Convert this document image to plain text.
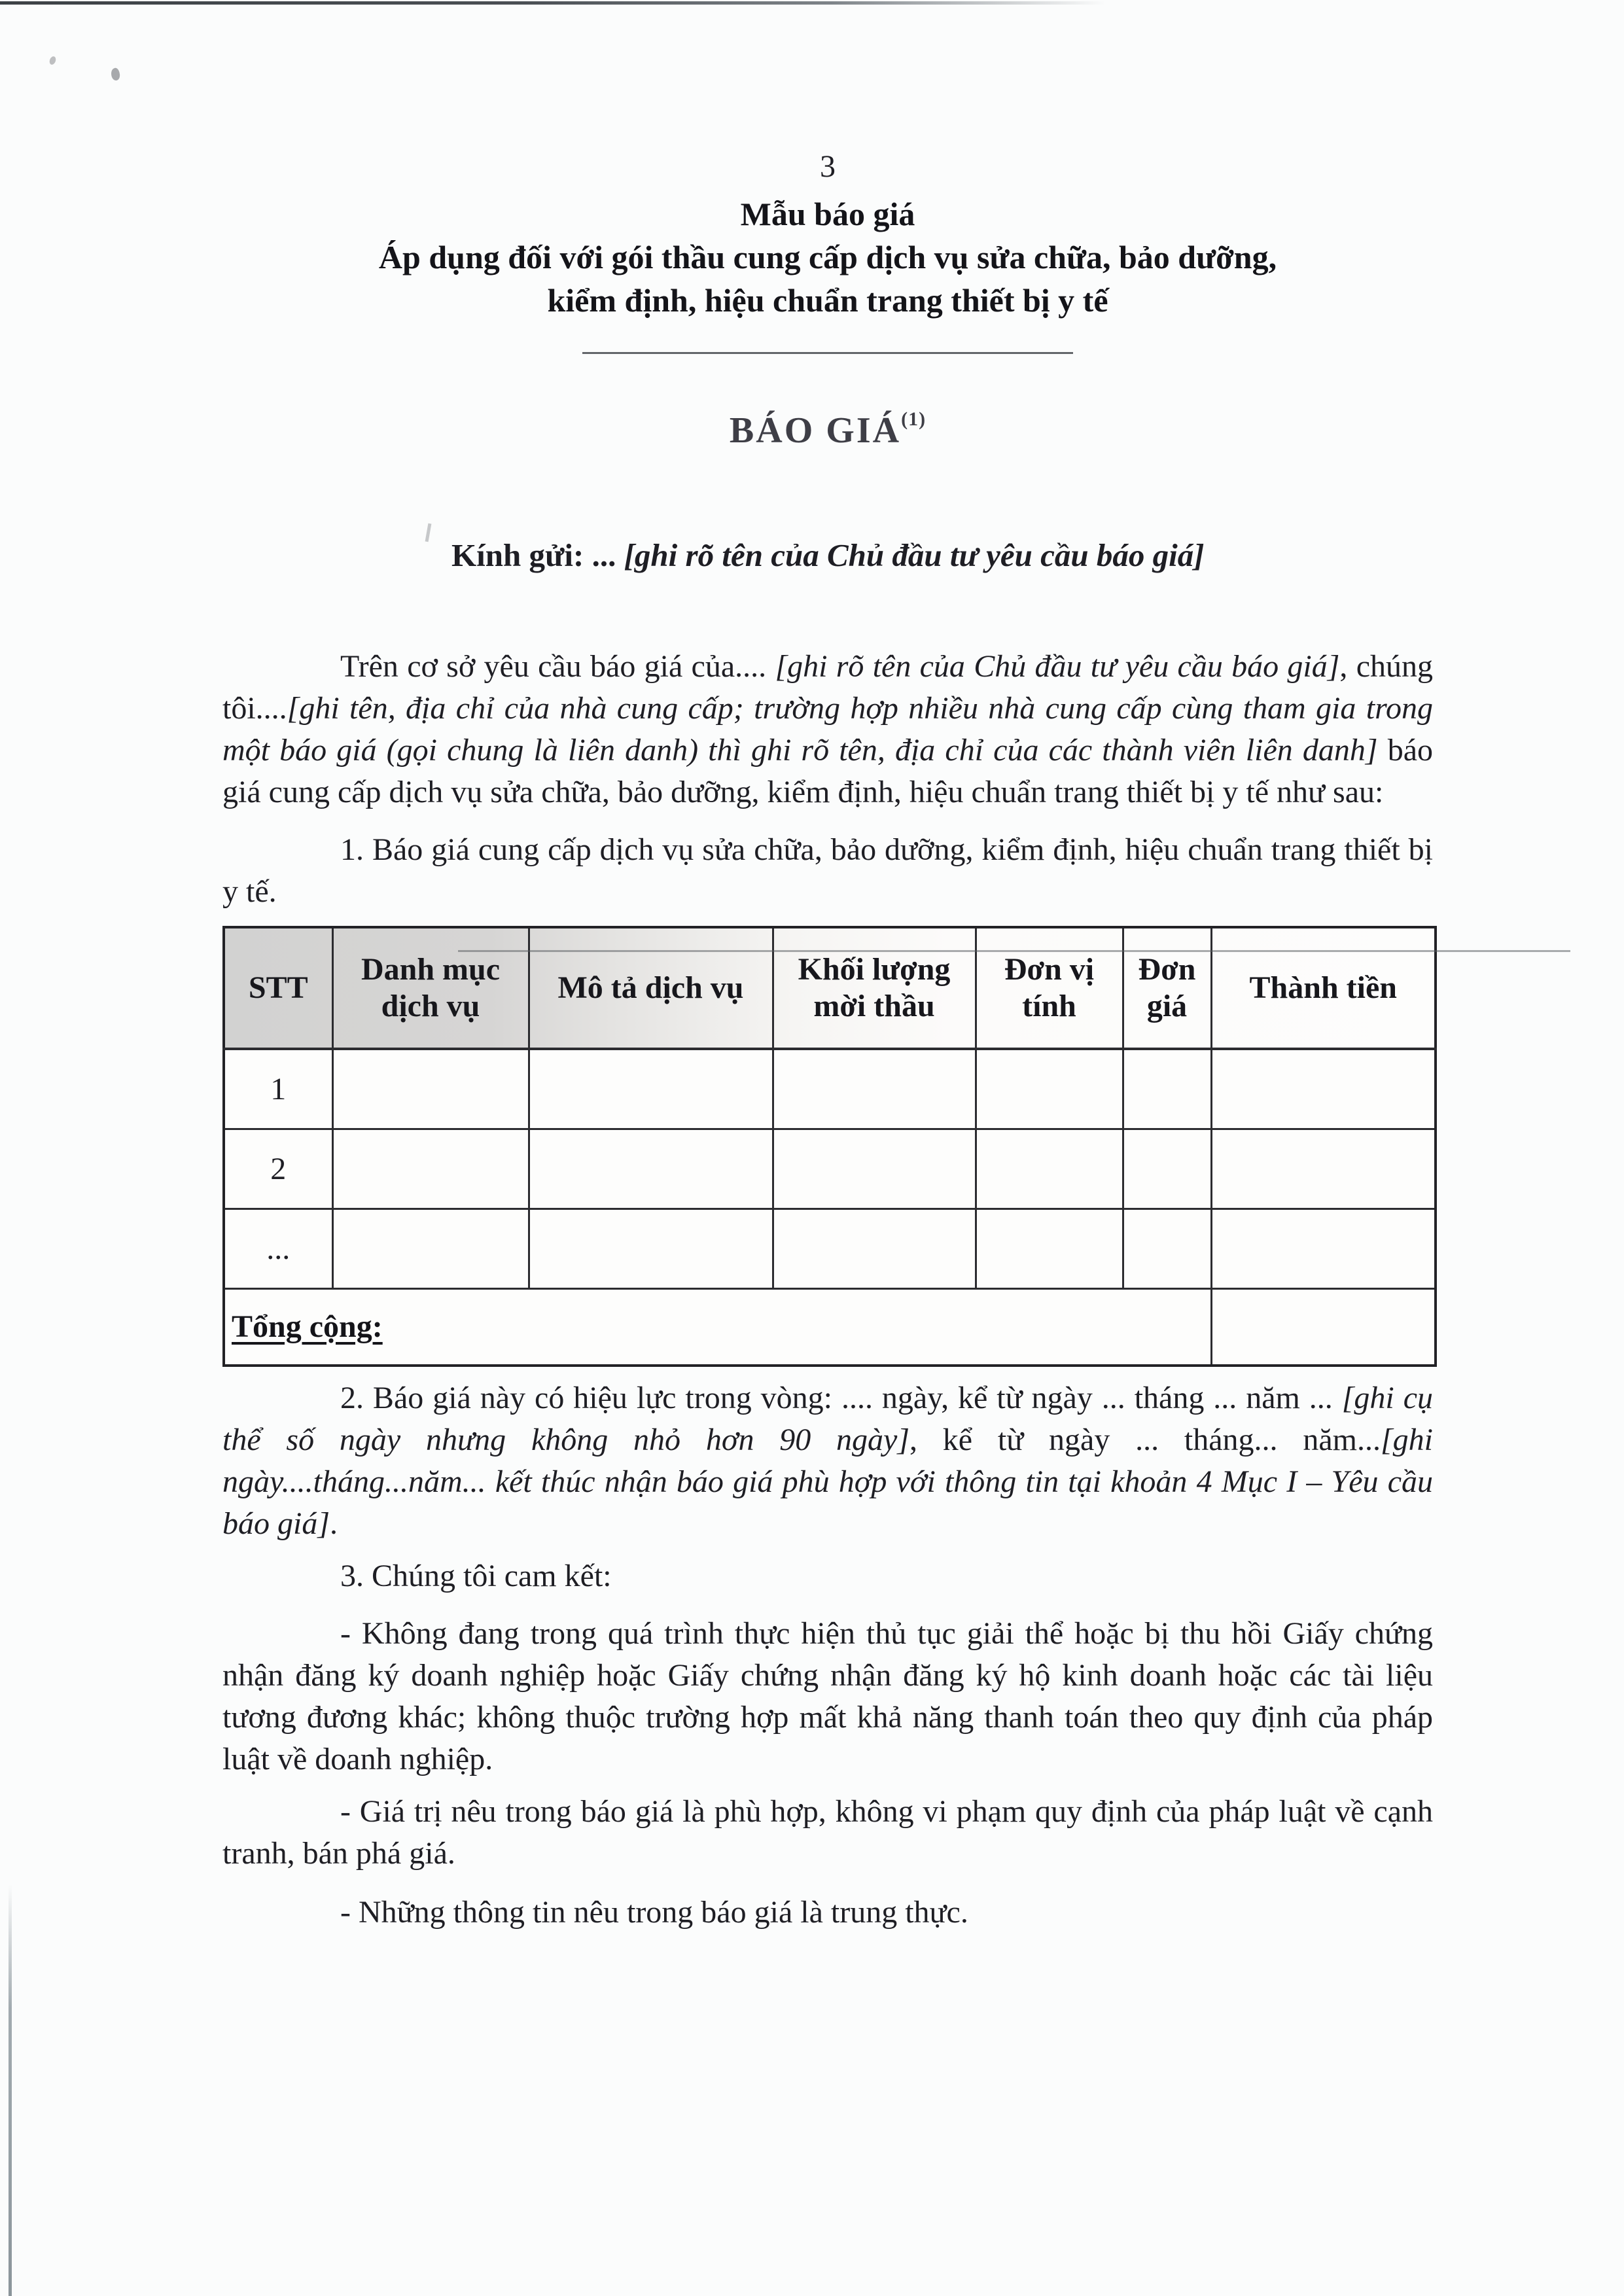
3
Mẫu báo giá
Áp dụng đối với gói thầu cung cấp dịch vụ sửa chữa, bảo dưỡng,
kiểm định, hiệu chuẩn trang thiết bị y tế
BÁO GIÁ$^{(1)}$
Kính gửi: ... [ghi rõ tên của Chủ đầu tư yêu cầu báo giá]

Trên cơ sở yêu cầu báo giá của.... [ghi rõ tên của Chủ đầu tư yêu cầu báo giá], chúng tôi....[ghi tên, địa chỉ của nhà cung cấp; trường hợp nhiều nhà cung cấp cùng tham gia trong một báo giá (gọi chung là liên danh) thì ghi rõ tên, địa chỉ của các thành viên liên danh] báo giá cung cấp dịch vụ sửa chữa, bảo dưỡng, kiểm định, hiệu chuẩn trang thiết bị y tế như sau:

1. Báo giá cung cấp dịch vụ sửa chữa, bảo dưỡng, kiểm định, hiệu chuẩn trang thiết bị y tế.

STT	Danh mục dịch vụ	Mô tả dịch vụ	Khối lượng mời thầu	Đơn vị tính	Đơn giá	Thành tiền
1						
2						
...						
Tổng cộng:						

2. Báo giá này có hiệu lực trong vòng: .... ngày, kể từ ngày ... tháng ... năm ... [ghi cụ thể số ngày nhưng không nhỏ hơn 90 ngày], kể từ ngày ... tháng... năm...[ghi ngày....tháng...năm... kết thúc nhận báo giá phù hợp với thông tin tại khoản 4 Mục I – Yêu cầu báo giá].

3. Chúng tôi cam kết:

- Không đang trong quá trình thực hiện thủ tục giải thể hoặc bị thu hồi Giấy chứng nhận đăng ký doanh nghiệp hoặc Giấy chứng nhận đăng ký hộ kinh doanh hoặc các tài liệu tương đương khác; không thuộc trường hợp mất khả năng thanh toán theo quy định của pháp luật về doanh nghiệp.

- Giá trị nêu trong báo giá là phù hợp, không vi phạm quy định của pháp luật về cạnh tranh, bán phá giá.

- Những thông tin nêu trong báo giá là trung thực.
